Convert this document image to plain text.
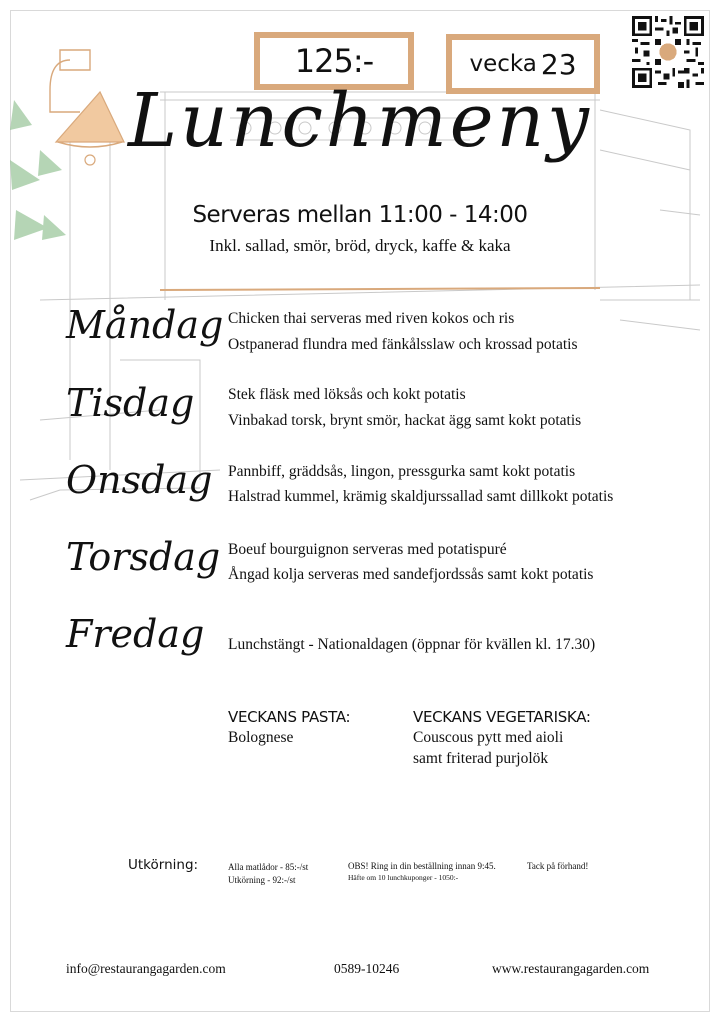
125:-	vecka 23
Lunchmeny
Serveras mellan 11:00 - 14:00
Inkl. sallad, smör, bröd, dryck, kaffe & kaka
Måndag Chicken thai serveras med riven kokos och ris
Ostpanerad flundra med fänkålsslaw och krossad potatis
Tisdag Stek fläsk med löksås och kokt potatis
Vinbakad torsk, brynt smör, hackat ägg samt kokt potatis
Onsdag Pannbiff, gräddsås, lingon, pressgurka samt kokt potatis
Halstrad kummel, krämig skaldjurssallad samt dillkokt potatis
Torsdag Boeuf bourguignon serveras med potatispuré
Ångad kolja serveras med sandefjordssås samt kokt potatis
Fredag Lunchstängt - Nationaldagen (öppnar för kvällen kl. 17.30)
VECKANS PASTA:
Bolognese
VECKANS VEGETARISKA:
Couscous pytt med aioli
samt friterad purjolök
Utkörning:	Alla matlådor - 85:-/st
Utkörning - 92:-/st
OBS! Ring in din beställning innan 9:45.
Häfte om 10 lunchkuponger - 1050:-
Tack på förhand!
info@restaurangagarden.com	0589-10246	www.restaurangagarden.com
